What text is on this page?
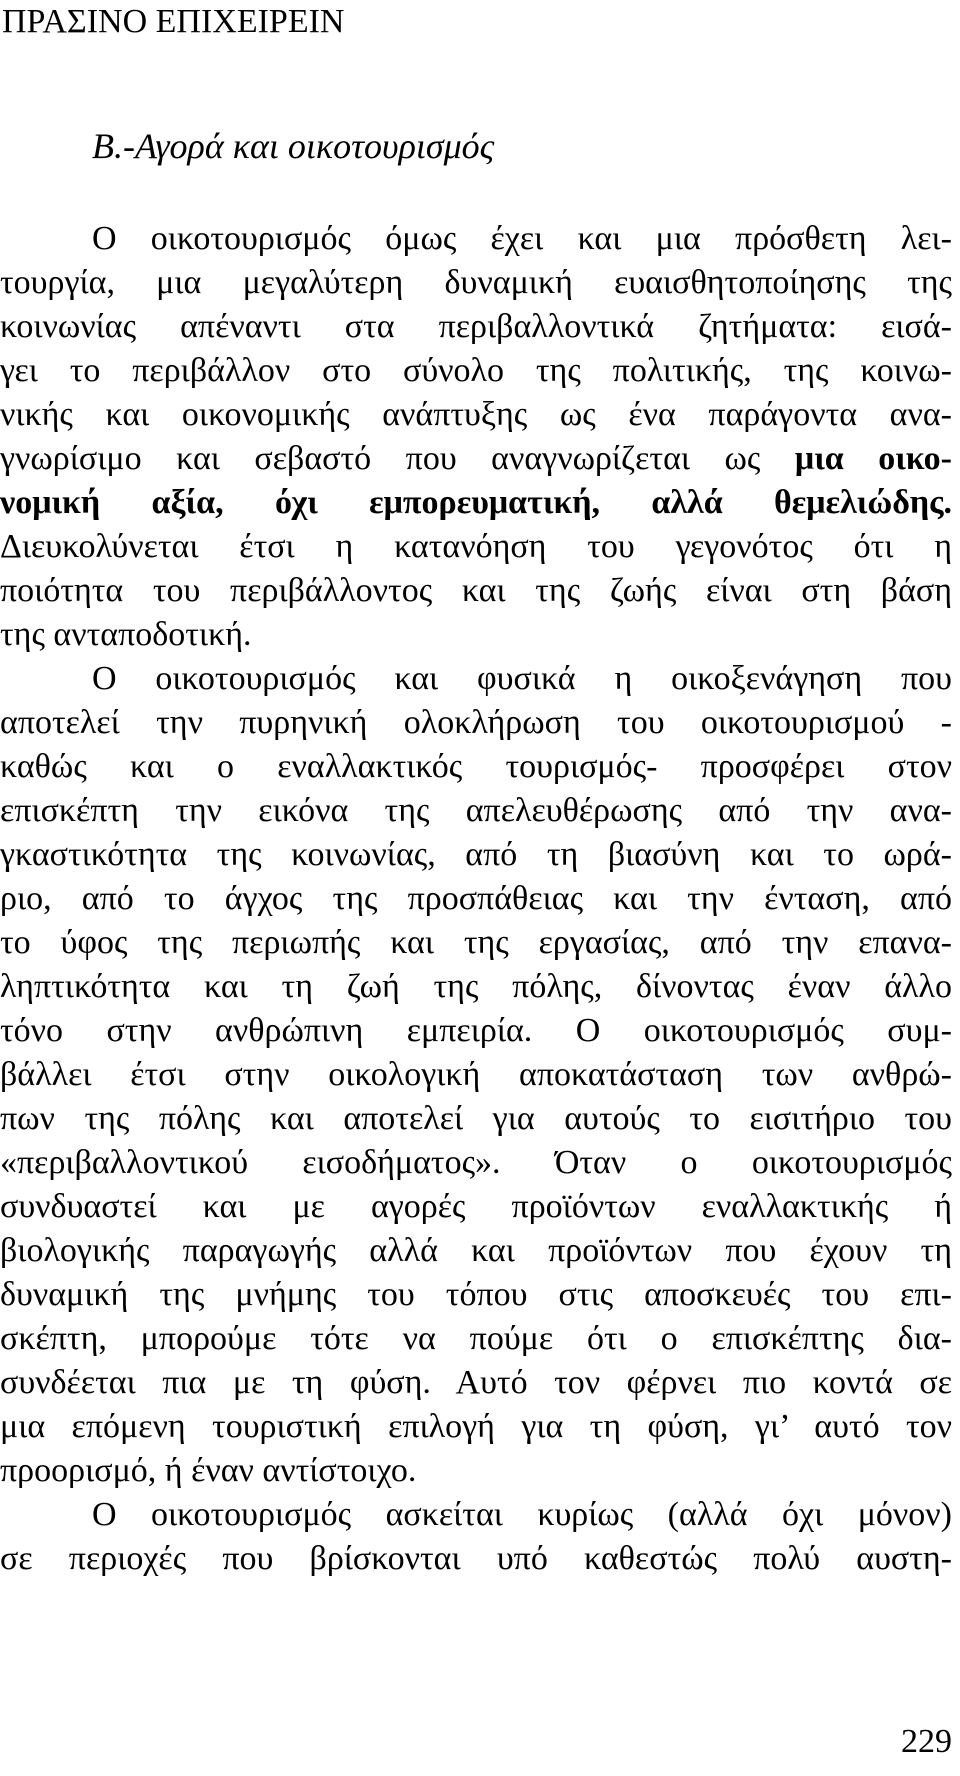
ΠΡΑΣΙΝΟ ΕΠΙΧΕΙΡΕΙΝ
Β.-Αγορά και οικοτουρισμός
Ο οικοτουρισμός όμως έχει και μια πρόσθετη λει-
τουργία, μια μεγαλύτερη δυναμική ευαισθητοποίησης της
κοινωνίας απέναντι στα περιβαλλοντικά ζητήματα: εισά-
γει το περιβάλλον στο σύνολο της πολιτικής, της κοινω-
νικής και οικονομικής ανάπτυξης ως ένα παράγοντα ανα-
γνωρίσιμο και σεβαστό που αναγνωρίζεται ως μια οικο-
νομική αξία, όχι εμπορευματική, αλλά θεμελιώδης.
Διευκολύνεται έτσι η κατανόηση του γεγονότος ότι η
ποιότητα του περιβάλλοντος και της ζωής είναι στη βάση
της ανταποδοτική.
Ο οικοτουρισμός και φυσικά η οικοξενάγηση που
αποτελεί την πυρηνική ολοκλήρωση του οικοτουρισμού -
καθώς και ο εναλλακτικός τουρισμός- προσφέρει στον
επισκέπτη την εικόνα της απελευθέρωσης από την ανα-
γκαστικότητα της κοινωνίας, από τη βιασύνη και το ωρά-
ριο, από το άγχος της προσπάθειας και την ένταση, από
το ύφος της περιωπής και της εργασίας, από την επανα-
ληπτικότητα και τη ζωή της πόλης, δίνοντας έναν άλλο
τόνο στην ανθρώπινη εμπειρία. Ο οικοτουρισμός συμ-
βάλλει έτσι στην οικολογική αποκατάσταση των ανθρώ-
πων της πόλης και αποτελεί για αυτούς το εισιτήριο του
«περιβαλλοντικού εισοδήματος». Όταν ο οικοτουρισμός
συνδυαστεί και με αγορές προϊόντων εναλλακτικής ή
βιολογικής παραγωγής αλλά και προϊόντων που έχουν τη
δυναμική της μνήμης του τόπου στις αποσκευές του επι-
σκέπτη, μπορούμε τότε να πούμε ότι ο επισκέπτης δια-
συνδέεται πια με τη φύση. Αυτό τον φέρνει πιο κοντά σε
μια επόμενη τουριστική επιλογή για τη φύση, γι’ αυτό τον
προορισμό, ή έναν αντίστοιχο.
Ο οικοτουρισμός ασκείται κυρίως (αλλά όχι μόνον)
σε περιοχές που βρίσκονται υπό καθεστώς πολύ αυστη-
229
